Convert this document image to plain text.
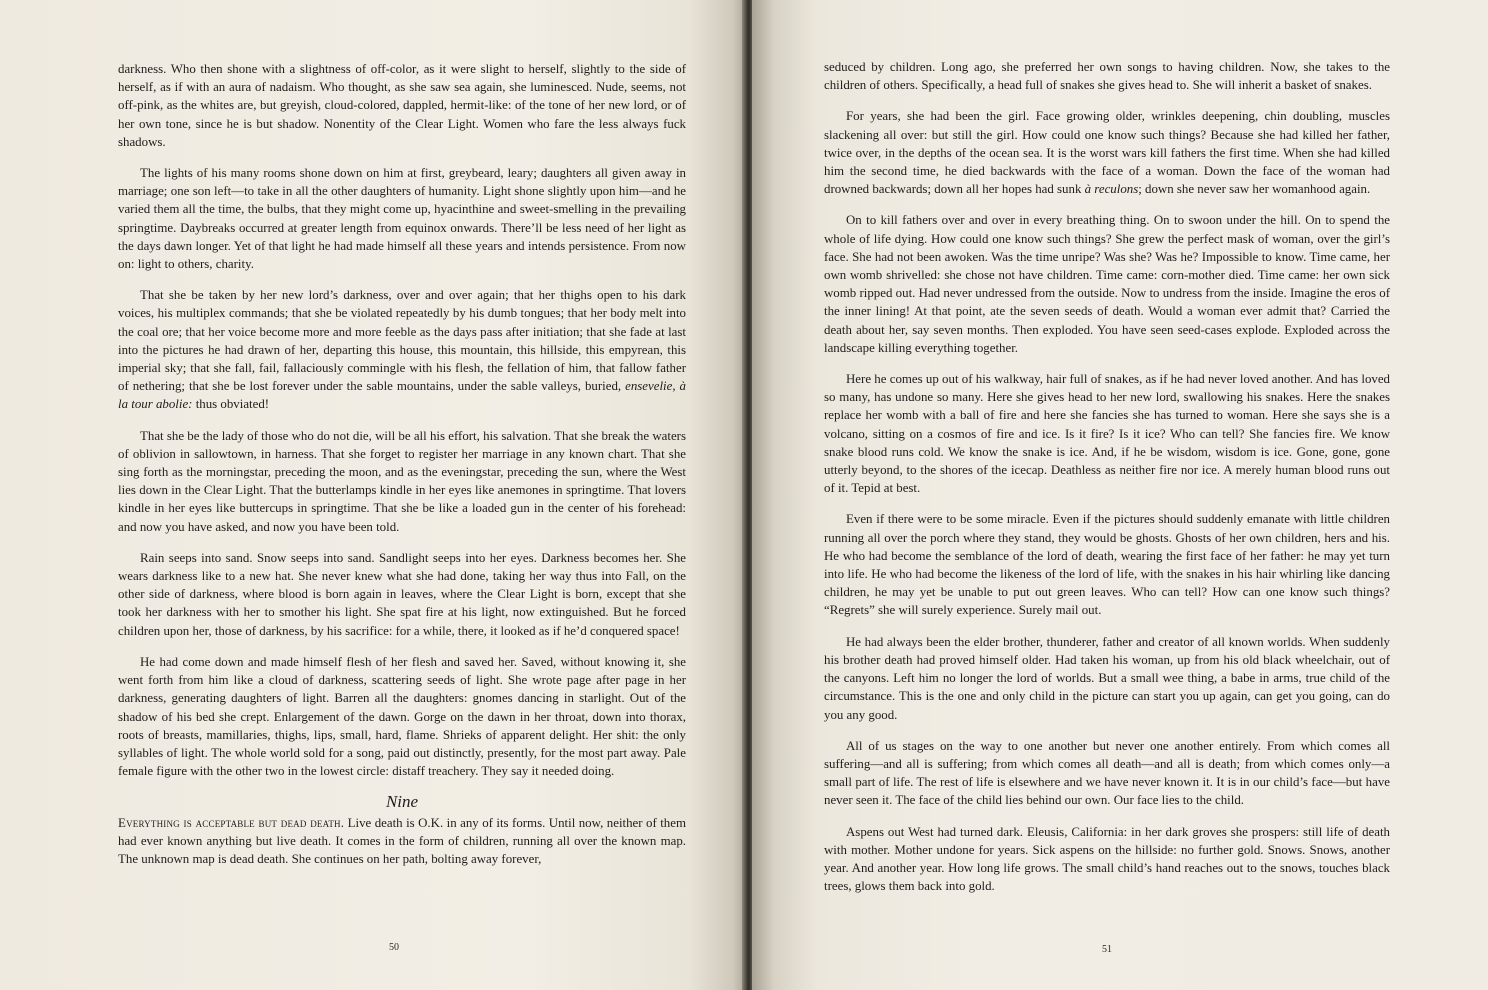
darkness. Who then shone with a slightness of off-color, as it were slight to herself, slightly to the side of herself, as if with an aura of nadaism. Who thought, as she saw sea again, she luminesced. Nude, seems, not off-pink, as the whites are, but greyish, cloud-colored, dappled, hermit-like: of the tone of her new lord, or of her own tone, since he is but shadow. Nonentity of the Clear Light. Women who fare the less always fuck shadows.

The lights of his many rooms shone down on him at first, greybeard, leary; daughters all given away in marriage; one son left—to take in all the other daughters of humanity. Light shone slightly upon him—and he varied them all the time, the bulbs, that they might come up, hyacinthine and sweet-smelling in the prevailing springtime. Daybreaks occurred at greater length from equinox onwards. There’ll be less need of her light as the days dawn longer. Yet of that light he had made himself all these years and intends persistence. From now on: light to others, charity.

That she be taken by her new lord’s darkness, over and over again; that her thighs open to his dark voices, his multiplex commands; that she be violated repeatedly by his dumb tongues; that her body melt into the coal ore; that her voice become more and more feeble as the days pass after initiation; that she fade at last into the pictures he had drawn of her, departing this house, this mountain, this hillside, this empyrean, this imperial sky; that she fall, fail, fallaciously commingle with his flesh, the fellation of him, that fallow father of nethering; that she be lost forever under the sable mountains, under the sable valleys, buried, ensevelie, à la tour abolie: thus obviated!

That she be the lady of those who do not die, will be all his effort, his salvation. That she break the waters of oblivion in sallowtown, in harness. That she forget to register her marriage in any known chart. That she sing forth as the morningstar, preceding the moon, and as the eveningstar, preceding the sun, where the West lies down in the Clear Light. That the butterlamps kindle in her eyes like anemones in springtime. That lovers kindle in her eyes like buttercups in springtime. That she be like a loaded gun in the center of his forehead: and now you have asked, and now you have been told.

Rain seeps into sand. Snow seeps into sand. Sandlight seeps into her eyes. Darkness becomes her. She wears darkness like to a new hat. She never knew what she had done, taking her way thus into Fall, on the other side of darkness, where blood is born again in leaves, where the Clear Light is born, except that she took her darkness with her to smother his light. She spat fire at his light, now extinguished. But he forced children upon her, those of darkness, by his sacrifice: for a while, there, it looked as if he’d conquered space!

He had come down and made himself flesh of her flesh and saved her. Saved, without knowing it, she went forth from him like a cloud of darkness, scattering seeds of light. She wrote page after page in her darkness, generating daughters of light. Barren all the daughters: gnomes dancing in starlight. Out of the shadow of his bed she crept. Enlargement of the dawn. Gorge on the dawn in her throat, down into thorax, roots of breasts, mamillaries, thighs, lips, small, hard, flame. Shrieks of apparent delight. Her shit: the only syllables of light. The whole world sold for a song, paid out distinctly, presently, for the most part away. Pale female figure with the other two in the lowest circle: distaff treachery. They say it needed doing.

Nine

Everything is acceptable but dead death. Live death is O.K. in any of its forms. Until now, neither of them had ever known anything but live death. It comes in the form of children, running all over the known map. The unknown map is dead death. She continues on her path, bolting away forever,

50

seduced by children. Long ago, she preferred her own songs to having children. Now, she takes to the children of others. Specifically, a head full of snakes she gives head to. She will inherit a basket of snakes.

For years, she had been the girl. Face growing older, wrinkles deepening, chin doubling, muscles slackening all over: but still the girl. How could one know such things? Because she had killed her father, twice over, in the depths of the ocean sea. It is the worst wars kill fathers the first time. When she had killed him the second time, he died backwards with the face of a woman. Down the face of the woman had drowned backwards; down all her hopes had sunk à reculons; down she never saw her womanhood again.

On to kill fathers over and over in every breathing thing. On to swoon under the hill. On to spend the whole of life dying. How could one know such things? She grew the perfect mask of woman, over the girl’s face. She had not been awoken. Was the time unripe? Was she? Was he? Impossible to know. Time came, her own womb shrivelled: she chose not have children. Time came: corn-mother died. Time came: her own sick womb ripped out. Had never undressed from the outside. Now to undress from the inside. Imagine the eros of the inner lining! At that point, ate the seven seeds of death. Would a woman ever admit that? Carried the death about her, say seven months. Then exploded. You have seen seed-cases explode. Exploded across the landscape killing everything together.

Here he comes up out of his walkway, hair full of snakes, as if he had never loved another. And has loved so many, has undone so many. Here she gives head to her new lord, swallowing his snakes. Here the snakes replace her womb with a ball of fire and here she fancies she has turned to woman. Here she says she is a volcano, sitting on a cosmos of fire and ice. Is it fire? Is it ice? Who can tell? She fancies fire. We know snake blood runs cold. We know the snake is ice. And, if he be wisdom, wisdom is ice. Gone, gone, gone utterly beyond, to the shores of the icecap. Deathless as neither fire nor ice. A merely human blood runs out of it. Tepid at best.

Even if there were to be some miracle. Even if the pictures should suddenly emanate with little children running all over the porch where they stand, they would be ghosts. Ghosts of her own children, hers and his. He who had become the semblance of the lord of death, wearing the first face of her father: he may yet turn into life. He who had become the likeness of the lord of life, with the snakes in his hair whirling like dancing children, he may yet be unable to put out green leaves. Who can tell? How can one know such things? “Regrets” she will surely experience. Surely mail out.

He had always been the elder brother, thunderer, father and creator of all known worlds. When suddenly his brother death had proved himself older. Had taken his woman, up from his old black wheelchair, out of the canyons. Left him no longer the lord of worlds. But a small wee thing, a babe in arms, true child of the circumstance. This is the one and only child in the picture can start you up again, can get you going, can do you any good.

All of us stages on the way to one another but never one another entirely. From which comes all suffering—and all is suffering; from which comes all death—and all is death; from which comes only—a small part of life. The rest of life is elsewhere and we have never known it. It is in our child’s face—but have never seen it. The face of the child lies behind our own. Our face lies to the child.

Aspens out West had turned dark. Eleusis, California: in her dark groves she prospers: still life of death with mother. Mother undone for years. Sick aspens on the hillside: no further gold. Snows. Snows, another year. And another year. How long life grows. The small child’s hand reaches out to the snows, touches black trees, glows them back into gold.

51
